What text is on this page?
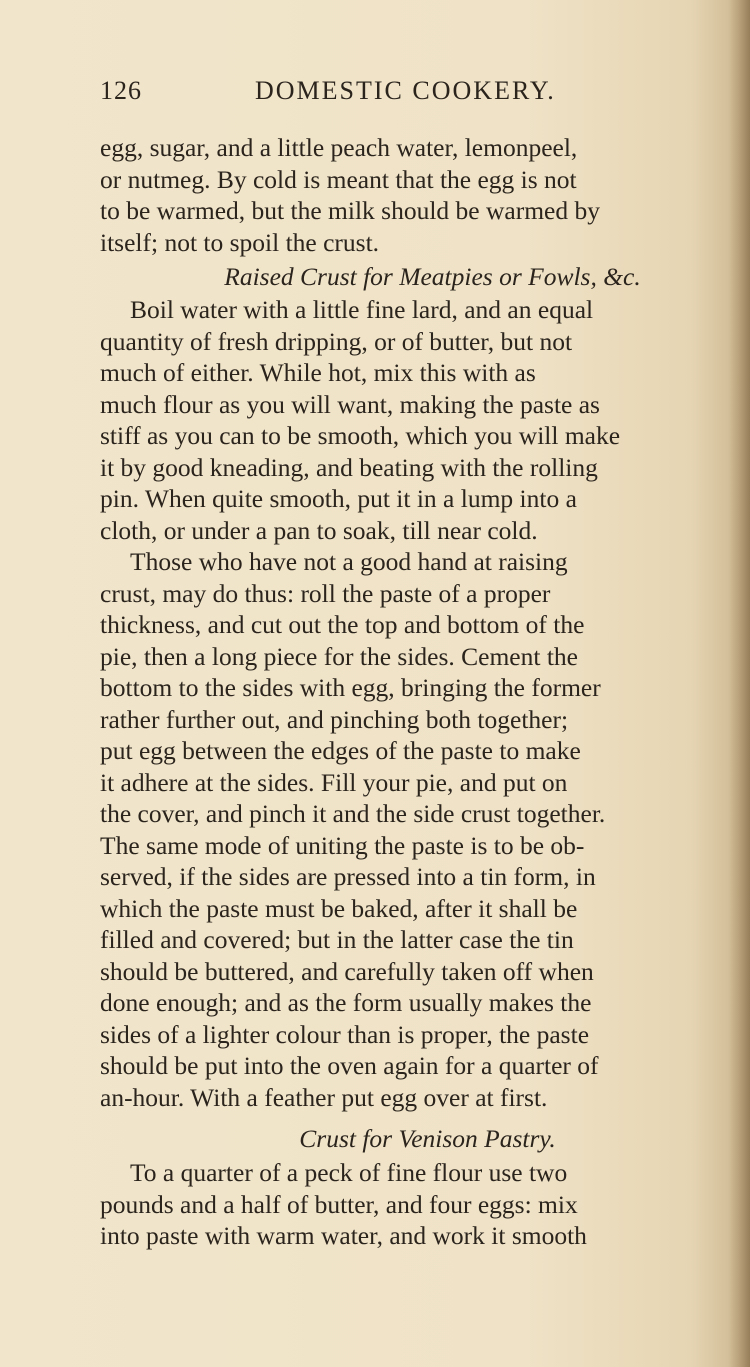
126	DOMESTIC COOKERY.
egg, sugar, and a little peach water, lemonpeel,
or nutmeg. By cold is meant that the egg is not
to be warmed, but the milk should be warmed by
itself; not to spoil the crust.
Raised Crust for Meatpies or Fowls, &c.
Boil water with a little fine lard, and an equal
quantity of fresh dripping, or of butter, but not
much of either. While hot, mix this with as
much flour as you will want, making the paste as
stiff as you can to be smooth, which you will make
it by good kneading, and beating with the rolling
pin. When quite smooth, put it in a lump into a
cloth, or under a pan to soak, till near cold.
Those who have not a good hand at raising
crust, may do thus: roll the paste of a proper
thickness, and cut out the top and bottom of the
pie, then a long piece for the sides. Cement the
bottom to the sides with egg, bringing the former
rather further out, and pinching both together;
put egg between the edges of the paste to make
it adhere at the sides. Fill your pie, and put on
the cover, and pinch it and the side crust together.
The same mode of uniting the paste is to be ob-
served, if the sides are pressed into a tin form, in
which the paste must be baked, after it shall be
filled and covered; but in the latter case the tin
should be buttered, and carefully taken off when
done enough; and as the form usually makes the
sides of a lighter colour than is proper, the paste
should be put into the oven again for a quarter of
an-hour. With a feather put egg over at first.
Crust for Venison Pastry.
To a quarter of a peck of fine flour use two
pounds and a half of butter, and four eggs: mix
into paste with warm water, and work it smooth
